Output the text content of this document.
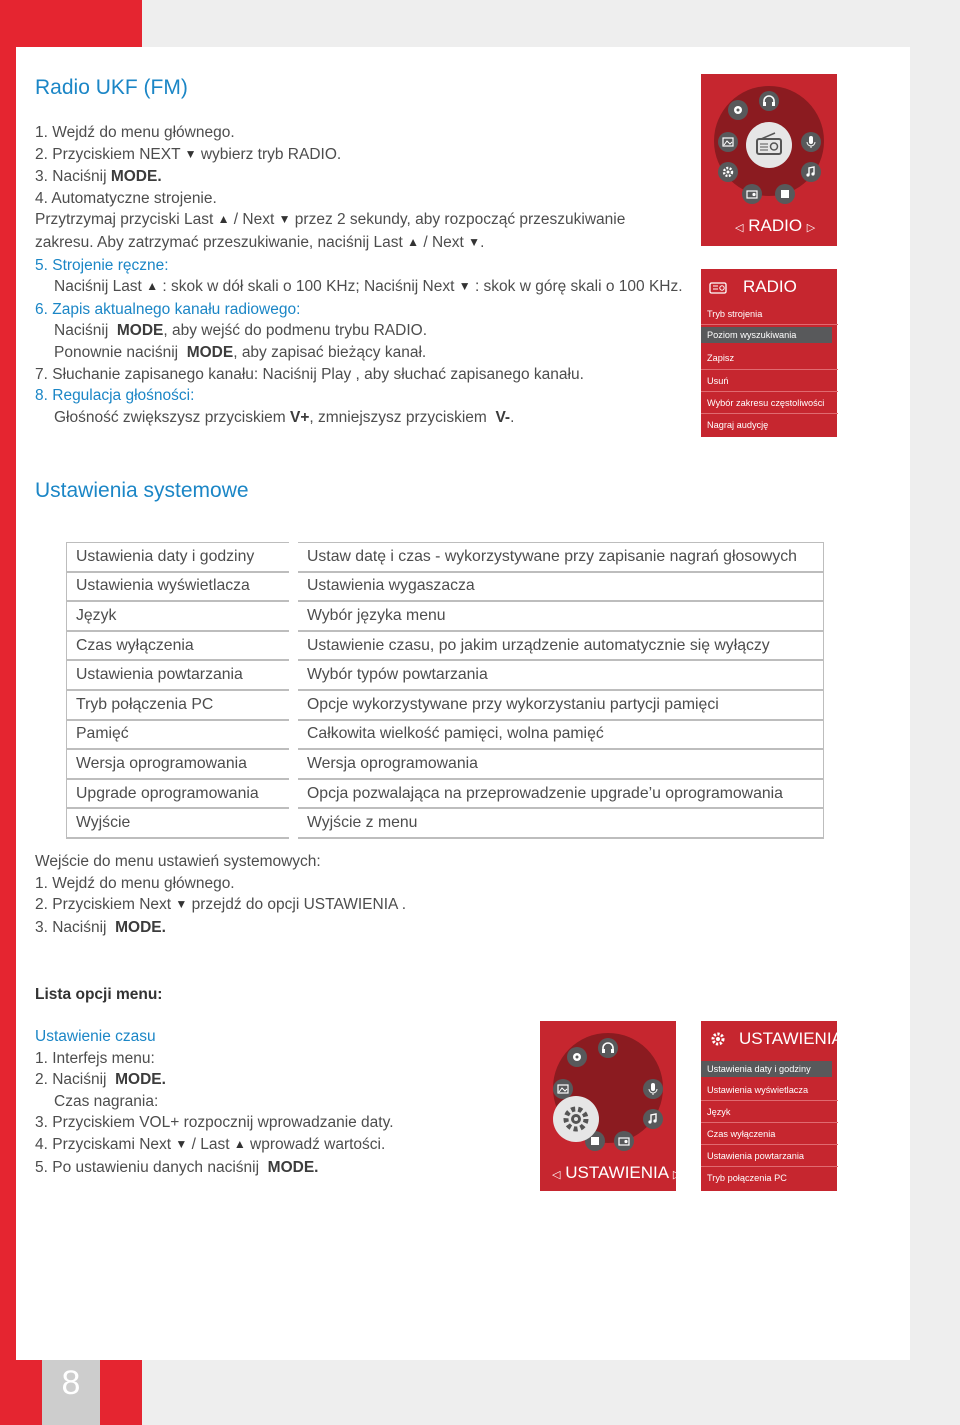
8
Radio UKF (FM)
1. Wejdź do menu głównego.
2. Przyciskiem NEXT ▼ wybierz tryb RADIO.
3. Naciśnij MODE.
4. Automatyczne strojenie.
Przytrzymaj przyciski Last ▲ / Next ▼ przez 2 sekundy, aby rozpocząć przeszukiwanie
zakresu. Aby zatrzymać przeszukiwanie, naciśnij Last ▲ / Next ▼.
5. Strojenie ręczne:
Naciśnij Last ▲ : skok w dół skali o 100 KHz; Naciśnij Next ▼ : skok w górę skali o 100 KHz.
6. Zapis aktualnego kanału radiowego:
Naciśnij MODE, aby wejść do podmenu trybu RADIO.
Ponownie naciśnij MODE, aby zapisać bieżący kanał.
7. Słuchanie zapisanego kanału: Naciśnij Play , aby słuchać zapisanego kanału.
8. Regulacja głośności:
Głośność zwiększysz przyciskiem V+, zmniejszysz przyciskiem V-.
◁ RADIO ▷
RADIO
Tryb strojenia
Poziom wyszukiwania
Zapisz
Usuń
Wybór zakresu częstoliwości
Nagraj audycję
Ustawienia systemowe
Ustawienia daty i godziny	Ustaw datę i czas - wykorzystywane przy zapisanie nagrań głosowych
Ustawienia wyświetlacza	Ustawienia wygaszacza
Język	Wybór języka menu
Czas wyłączenia	Ustawienie czasu, po jakim urządzenie automatycznie się wyłączy
Ustawienia powtarzania	Wybór typów powtarzania
Tryb połączenia PC	Opcje wykorzystywane przy wykorzystaniu partycji pamięci
Pamięć	Całkowita wielkość pamięci, wolna pamięć
Wersja oprogramowania	Wersja oprogramowania
Upgrade oprogramowania	Opcja pozwalająca na przeprowadzenie upgrade’u oprogramowania
Wyjście	Wyjście z menu
Wejście do menu ustawień systemowych:
1. Wejdź do menu głównego.
2. Przyciskiem Next ▼ przejdź do opcji USTAWIENIA .
3. Naciśnij MODE.
Lista opcji menu:
Ustawienie czasu
1. Interfejs menu:
2. Naciśnij MODE.
Czas nagrania:
3. Przyciskiem VOL+ rozpocznij wprowadzanie daty.
4. Przyciskami Next ▼ / Last ▲ wprowadź wartości.
5. Po ustawieniu danych naciśnij MODE.	◁ USTAWIENIA ▷
USTAWIENIA
Ustawienia daty i godziny
Ustawienia wyświetlacza
Język
Czas wyłączenia
Ustawienia powtarzania
Tryb połączenia PC
